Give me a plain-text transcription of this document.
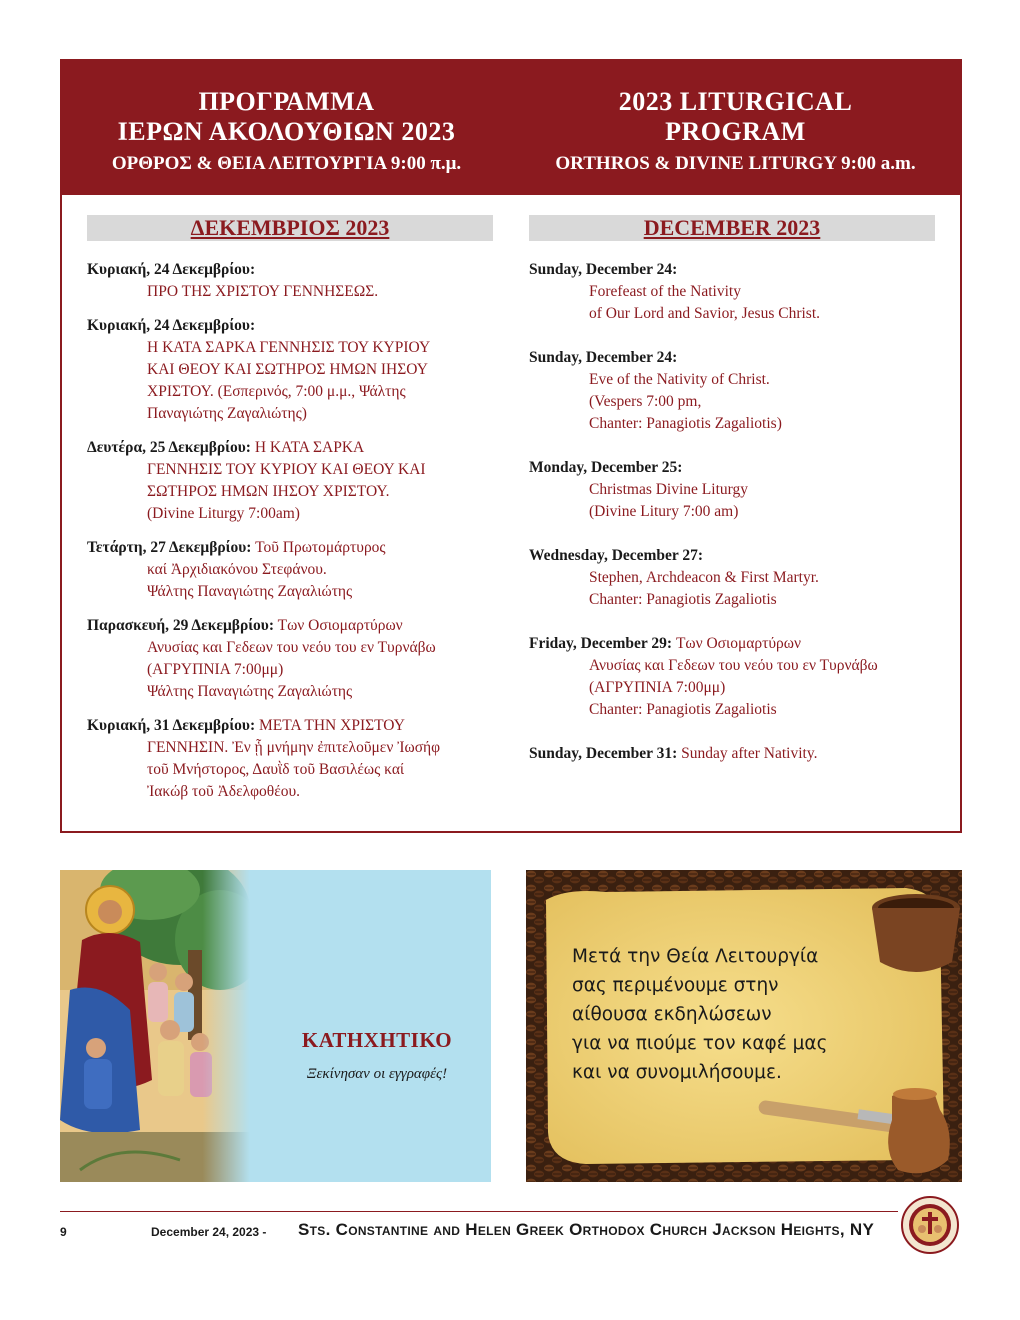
ΠΡΟΓΡΑΜΜΑ
ΙΕΡΩΝ ΑΚΟΛΟΥΘΙΩΝ 2023
ΟΡΘΡΟΣ & ΘΕΙΑ ΛΕΙΤΟΥΡΓΙΑ 9:00 π.μ.
2023 LITURGICAL
PROGRAM
ORTHROS & DIVINE LITURGY 9:00 a.m.
ΔΕΚΕΜΒΡΙΟΣ 2023	DECEMBER 2023
Κυριακή, 24 Δεκεμβρίου:
ΠΡΟ ΤΗΣ ΧΡΙΣΤΟΥ ΓΕΝΝΗΣΕΩΣ.
Κυριακή, 24 Δεκεμβρίου:
Η ΚΑΤΑ ΣΑΡΚΑ ΓΕΝΝΗΣΙΣ ΤΟΥ ΚΥΡΙΟΥ
ΚΑΙ ΘΕΟΥ ΚΑΙ ΣΩΤΗΡΟΣ ΗΜΩΝ ΙΗΣΟΥ
ΧΡΙΣΤΟΥ. (Εσπερινός, 7:00 μ.μ., Ψάλτης
Παναγιώτης Ζαγαλιώτης)
Δευτέρα, 25 Δεκεμβρίου: Η ΚΑΤΑ ΣΑΡΚΑ
ΓΕΝΝΗΣΙΣ ΤΟΥ ΚΥΡΙΟΥ ΚΑΙ ΘΕΟΥ ΚΑΙ
ΣΩΤΗΡΟΣ ΗΜΩΝ ΙΗΣΟΥ ΧΡΙΣΤΟΥ.
(Divine Liturgy 7:00am)
Τετάρτη, 27 Δεκεμβρίου: Τοῦ Πρωτομάρτυρος
καί Ἀρχιδιακόνου Στεφάνου.
Ψάλτης Παναγιώτης Ζαγαλιώτης
Παρασκευή, 29 Δεκεμβρίου: Των Οσιομαρτύρων
Ανυσίας και Γεδεων του νεόυ του εν Τυρνάβω
(ΑΓΡΥΠΝΙΑ 7:00μμ)
Ψάλτης Παναγιώτης Ζαγαλιώτης
Κυριακή, 31 Δεκεμβρίου: ΜΕΤΑ ΤΗΝ ΧΡΙΣΤΟΥ
ΓΕΝΝΗΣΙΝ. Ἐν ᾗ μνήμην ἐπιτελοῦμεν Ἰωσήφ
τοῦ Μνήστορος, Δαυῒδ τοῦ Βασιλέως καί
Ἰακώβ τοῦ Ἀδελφοθέου.
Sunday, December 24:
Forefeast of the Nativity
of Our Lord and Savior, Jesus Christ.
Sunday, December 24:
Eve of the Nativity of Christ.
(Vespers 7:00 pm,
Chanter: Panagiotis Zagaliotis)
Monday, December 25:
Christmas Divine Liturgy
(Divine Litury 7:00 am)
Wednesday, December 27:
Stephen, Archdeacon & First Martyr.
Chanter: Panagiotis Zagaliotis
Friday, December 29: Των Οσιομαρτύρων
Ανυσίας και Γεδεων του νεόυ του εν Τυρνάβω
(ΑΓΡΥΠΝΙΑ 7:00μμ)
Chanter: Panagiotis Zagaliotis
Sunday, December 31: Sunday after Nativity.
ΚΑΤΗΧΗΤΙΚΟ
Ξεκίνησαν οι εγγραφές!
Μετά την Θεία Λειτουργία
σας περιμένουμε στην
αίθουσα εκδηλώσεων
για να πιούμε τον καφέ μας
και να συνομιλήσουμε.
9	December 24, 2023 - Sts. Constantine and Helen Greek Orthodox Church Jackson Heights, NY
